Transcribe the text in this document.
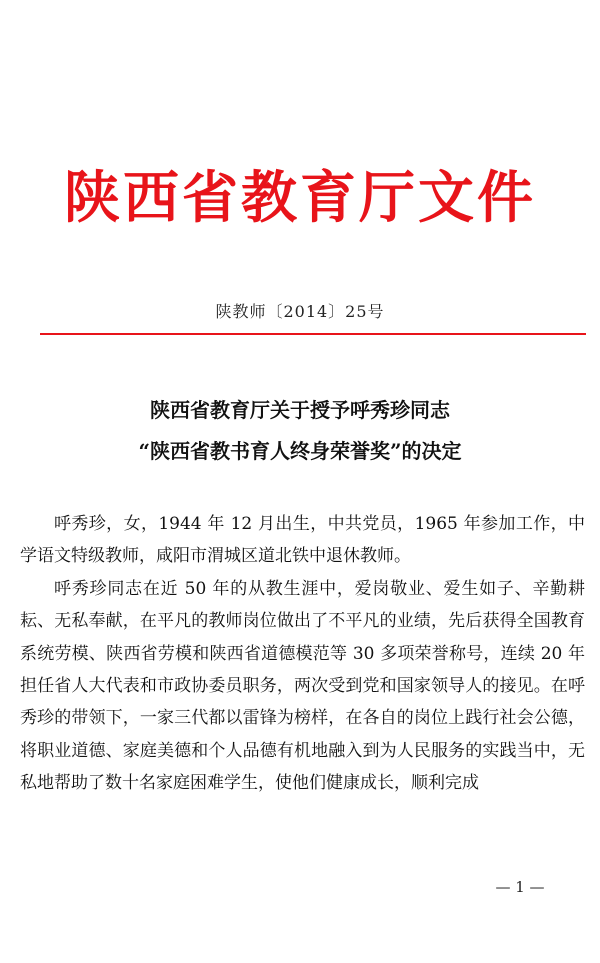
陕西省教育厅文件
陕教师〔2014〕25号
陕西省教育厅关于授予呼秀珍同志
“陕西省教书育人终身荣誉奖”的决定

呼秀珍，女，1944 年 12 月出生，中共党员，1965 年参加工作，中学语文特级教师，咸阳市渭城区道北铁中退休教师。

呼秀珍同志在近 50 年的从教生涯中，爱岗敬业、爱生如子、辛勤耕耘、无私奉献，在平凡的教师岗位做出了不平凡的业绩，先后获得全国教育系统劳模、陕西省劳模和陕西省道德模范等 30 多项荣誉称号，连续 20 年担任省人大代表和市政协委员职务，两次受到党和国家领导人的接见。在呼秀珍的带领下，一家三代都以雷锋为榜样，在各自的岗位上践行社会公德，将职业道德、家庭美德和个人品德有机地融入到为人民服务的实践当中，无私地帮助了数十名家庭困难学生，使他们健康成长，顺利完成

— 1 —
